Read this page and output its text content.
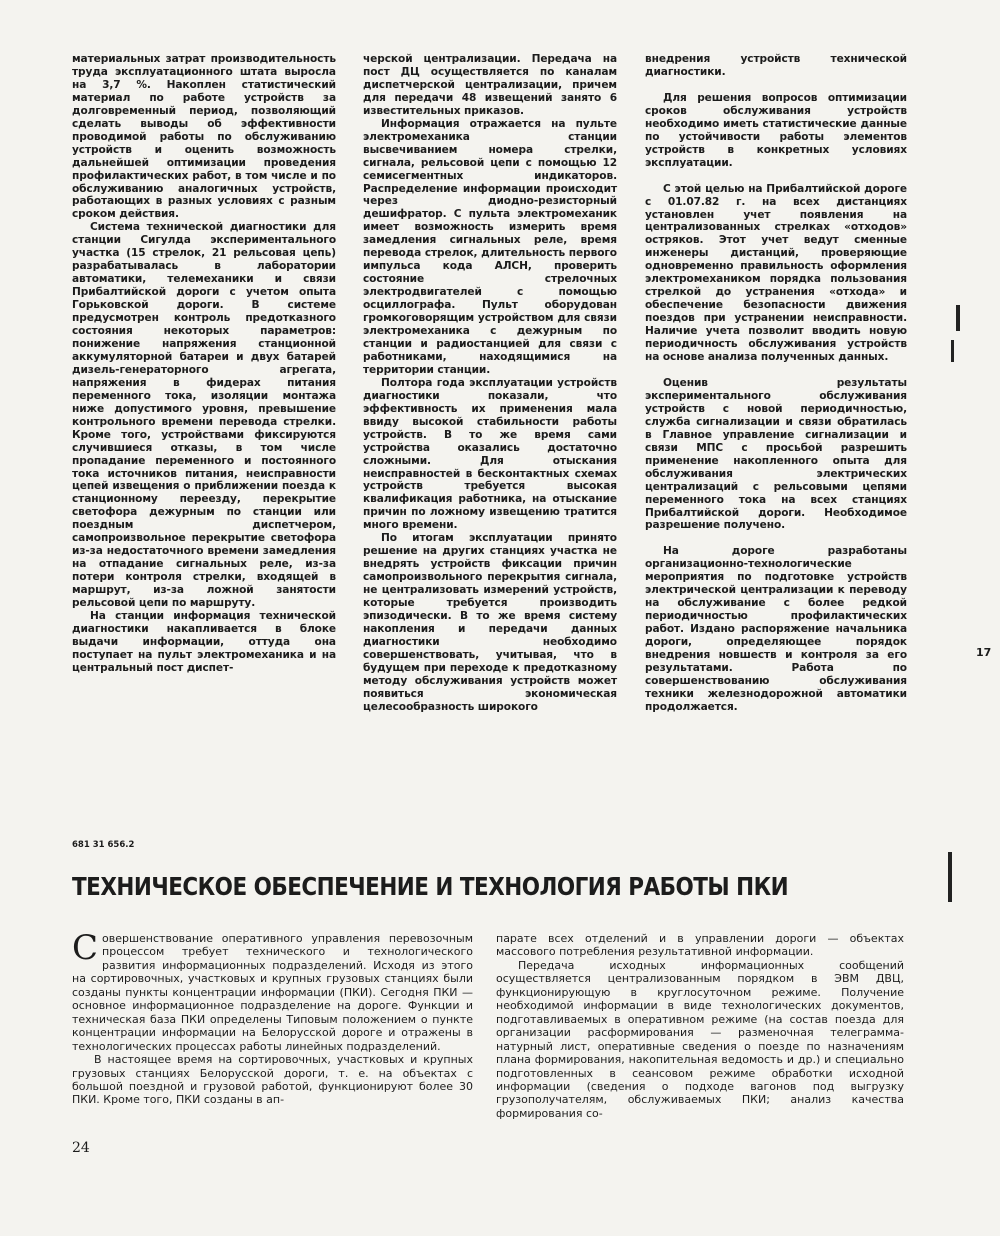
материальных затрат производительность труда эксплуатационного штата выросла на 3,7 %. Накоплен статистический материал по работе устройств за долговременный период, позволяющий сделать выводы об эффективности проводимой работы по обслуживанию устройств и оценить возможность дальнейшей оптимизации проведения профилактических работ, в том числе и по обслуживанию аналогичных устройств, работающих в разных условиях с разным сроком действия.

Система технической диагностики для станции Сигулда экспериментального участка (15 стрелок, 21 рельсовая цепь) разрабатывалась в лаборатории автоматики, телемеханики и связи Прибалтийской дороги с учетом опыта Горьковской дороги. В системе предусмотрен контроль предотказного состояния некоторых параметров: понижение напряжения станционной аккумуляторной батареи и двух батарей дизель-генераторного агрегата, напряжения в фидерах питания переменного тока, изоляции монтажа ниже допустимого уровня, превышение контрольного времени перевода стрелки. Кроме того, устройствами фиксируются случившиеся отказы, в том числе пропадание переменного и постоянного тока источников питания, неисправности цепей извещения о приближении поезда к станционному переезду, перекрытие светофора дежурным по станции или поездным диспетчером, самопроизвольное перекрытие светофора из-за недостаточного времени замедления на отпадание сигнальных реле, из-за потери контроля стрелки, входящей в маршрут, из-за ложной занятости рельсовой цепи по маршруту.

На станции информация технической диагностики накапливается в блоке выдачи информации, оттуда она поступает на пульт электромеханика и на центральный пост диспет-

черской централизации. Передача на пост ДЦ осуществляется по каналам диспетчерской централизации, причем для передачи 48 извещений занято 6 известительных приказов.

Информация отражается на пульте электромеханика станции высвечиванием номера стрелки, сигнала, рельсовой цепи с помощью 12 семисегментных индикаторов. Распределение информации происходит через диодно-резисторный дешифратор. С пульта электромеханик имеет возможность измерить время замедления сигнальных реле, время перевода стрелок, длительность первого импульса кода АЛСН, проверить состояние стрелочных электродвигателей с помощью осциллографа. Пульт оборудован громкоговорящим устройством для связи электромеханика с дежурным по станции и радиостанцией для связи с работниками, находящимися на территории станции.

Полтора года эксплуатации устройств диагностики показали, что эффективность их применения мала ввиду высокой стабильности работы устройств. В то же время сами устройства оказались достаточно сложными. Для отыскания неисправностей в бесконтактных схемах устройств требуется высокая квалификация работника, на отыскание причин по ложному извещению тратится много времени.

По итогам эксплуатации принято решение на других станциях участка не внедрять устройств фиксации причин самопроизвольного перекрытия сигнала, не централизовать измерений устройств, которые требуется производить эпизодически. В то же время систему накопления и передачи данных диагностики необходимо совершенствовать, учитывая, что в будущем при переходе к предотказному методу обслуживания устройств может появиться экономическая целесообразность широкого

внедрения устройств технической диагностики.

Для решения вопросов оптимизации сроков обслуживания устройств необходимо иметь статистические данные по устойчивости работы элементов устройств в конкретных условиях эксплуатации.

С этой целью на Прибалтийской дороге с 01.07.82 г. на всех дистанциях установлен учет появления на централизованных стрелках «отходов» остряков. Этот учет ведут сменные инженеры дистанций, проверяющие одновременно правильность оформления электромехаником порядка пользования стрелкой до устранения «отхода» и обеспечение безопасности движения поездов при устранении неисправности. Наличие учета позволит вводить новую периодичность обслуживания устройств на основе анализа полученных данных.

Оценив результаты экспериментального обслуживания устройств с новой периодичностью, служба сигнализации и связи обратилась в Главное управление сигнализации и связи МПС с просьбой разрешить применение накопленного опыта для обслуживания электрических централизаций с рельсовыми цепями переменного тока на всех станциях Прибалтийской дороги. Необходимое разрешение получено.

На дороге разработаны организационно-технологические мероприятия по подготовке устройств электрической централизации к переводу на обслуживание с более редкой периодичностью профилактических работ. Издано распоряжение начальника дороги, определяющее порядок внедрения новшеств и контроля за его результатами. Работа по совершенствованию обслуживания техники железнодорожной автоматики продолжается.

17
681 31 656.2
ТЕХНИЧЕСКОЕ ОБЕСПЕЧЕНИЕ И ТЕХНОЛОГИЯ РАБОТЫ ПКИ

Совершенствование оперативного управления перевозочным процессом требует технического и технологического развития информационных подразделений. Исходя из этого на сортировочных, участковых и крупных грузовых станциях были созданы пункты концентрации информации (ПКИ). Сегодня ПКИ — основное информационное подразделение на дороге. Функции и техническая база ПКИ определены Типовым положением о пункте концентрации информации на Белорусской дороге и отражены в технологических процессах работы линейных подразделений.

В настоящее время на сортировочных, участковых и крупных грузовых станциях Белорусской дороги, т. е. на объектах с большой поездной и грузовой работой, функционируют более 30 ПКИ. Кроме того, ПКИ созданы в ап-

парате всех отделений и в управлении дороги — объектах массового потребления результативной информации.

Передача исходных информационных сообщений осуществляется централизованным порядком в ЭВМ ДВЦ, функционирующую в круглосуточном режиме. Получение необходимой информации в виде технологических документов, подготавливаемых в оперативном режиме (на состав поезда для организации расформирования — разменочная телеграмма-натурный лист, оперативные сведения о поезде по назначениям плана формирования, накопительная ведомость и др.) и специально подготовленных в сеансовом режиме обработки исходной информации (сведения о подходе вагонов под выгрузку грузополучателям, обслуживаемых ПКИ; анализ качества формирования со-

24
